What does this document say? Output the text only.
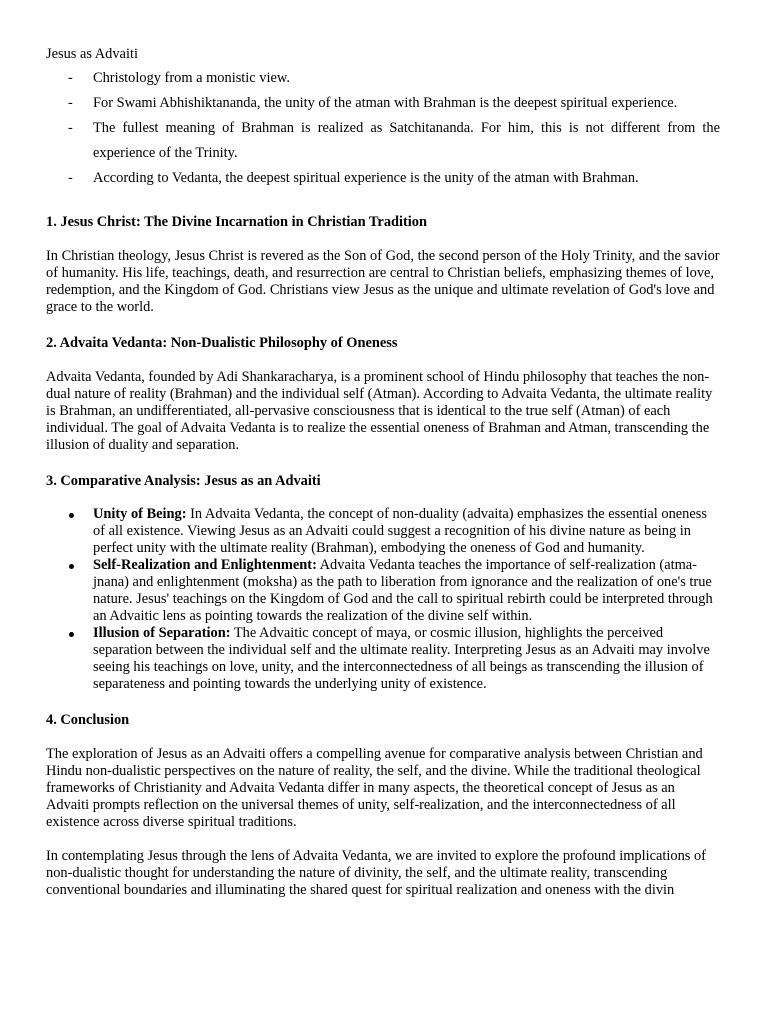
Jesus as Advaiti
- Christology from a monistic view.
- For Swami Abhishiktananda, the unity of the atman with Brahman is the deepest spiritual experience.
- The fullest meaning of Brahman is realized as Satchitananda. For him, this is not different from the experience of the Trinity.
- According to Vedanta, the deepest spiritual experience is the unity of the atman with Brahman.
1. Jesus Christ: The Divine Incarnation in Christian Tradition

In Christian theology, Jesus Christ is revered as the Son of God, the second person of the Holy Trinity, and the savior of humanity. His life, teachings, death, and resurrection are central to Christian beliefs, emphasizing themes of love, redemption, and the Kingdom of God. Christians view Jesus as the unique and ultimate revelation of God's love and grace to the world.

2. Advaita Vedanta: Non-Dualistic Philosophy of Oneness

Advaita Vedanta, founded by Adi Shankaracharya, is a prominent school of Hindu philosophy that teaches the non-dual nature of reality (Brahman) and the individual self (Atman). According to Advaita Vedanta, the ultimate reality is Brahman, an undifferentiated, all-pervasive consciousness that is identical to the true self (Atman) of each individual. The goal of Advaita Vedanta is to realize the essential oneness of Brahman and Atman, transcending the illusion of duality and separation.

3. Comparative Analysis: Jesus as an Advaiti
Unity of Being: In Advaita Vedanta, the concept of non-duality (advaita) emphasizes the essential oneness of all existence. Viewing Jesus as an Advaiti could suggest a recognition of his divine nature as being in perfect unity with the ultimate reality (Brahman), embodying the oneness of God and humanity.
Self-Realization and Enlightenment: Advaita Vedanta teaches the importance of self-realization (atma-jnana) and enlightenment (moksha) as the path to liberation from ignorance and the realization of one's true nature. Jesus' teachings on the Kingdom of God and the call to spiritual rebirth could be interpreted through an Advaitic lens as pointing towards the realization of the divine self within.
Illusion of Separation: The Advaitic concept of maya, or cosmic illusion, highlights the perceived separation between the individual self and the ultimate reality. Interpreting Jesus as an Advaiti may involve seeing his teachings on love, unity, and the interconnectedness of all beings as transcending the illusion of separateness and pointing towards the underlying unity of existence.
4. Conclusion

The exploration of Jesus as an Advaiti offers a compelling avenue for comparative analysis between Christian and Hindu non-dualistic perspectives on the nature of reality, the self, and the divine. While the traditional theological frameworks of Christianity and Advaita Vedanta differ in many aspects, the theoretical concept of Jesus as an Advaiti prompts reflection on the universal themes of unity, self-realization, and the interconnectedness of all existence across diverse spiritual traditions.

In contemplating Jesus through the lens of Advaita Vedanta, we are invited to explore the profound implications of non-dualistic thought for understanding the nature of divinity, the self, and the ultimate reality, transcending conventional boundaries and illuminating the shared quest for spiritual realization and oneness with the divin
